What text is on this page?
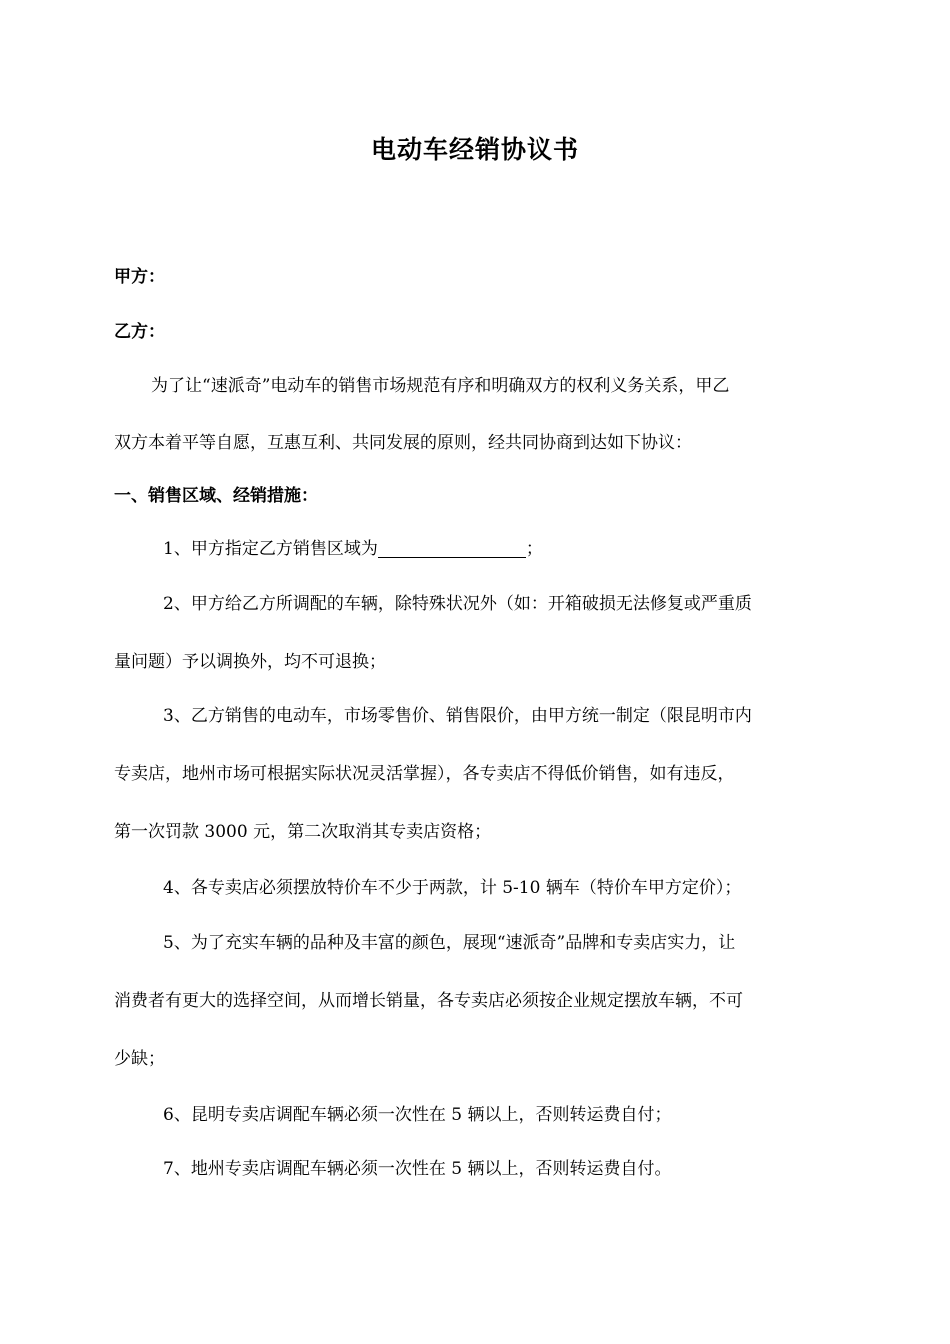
电动车经销协议书
甲方：
乙方：
为了让“速派奇”电动车的销售市场规范有序和明确双方的权利义务关系，甲乙
双方本着平等自愿，互惠互利、共同发展的原则，经共同协商到达如下协议：
一、销售区域、经销措施：
1、甲方指定乙方销售区域为	；
2、甲方给乙方所调配的车辆，除特殊状况外（如：开箱破损无法修复或严重质
量问题）予以调换外，均不可退换；
3、乙方销售的电动车，市场零售价、销售限价，由甲方统一制定（限昆明市内
专卖店，地州市场可根据实际状况灵活掌握），各专卖店不得低价销售，如有违反，
第一次罚款 3000 元，第二次取消其专卖店资格；
4、各专卖店必须摆放特价车不少于两款，计 5-10 辆车（特价车甲方定价）；
5、为了充实车辆的品种及丰富的颜色，展现“速派奇”品牌和专卖店实力，让
消费者有更大的选择空间，从而增长销量，各专卖店必须按企业规定摆放车辆，不可
少缺；
6、昆明专卖店调配车辆必须一次性在 5 辆以上，否则转运费自付；
7、地州专卖店调配车辆必须一次性在 5 辆以上，否则转运费自付。
